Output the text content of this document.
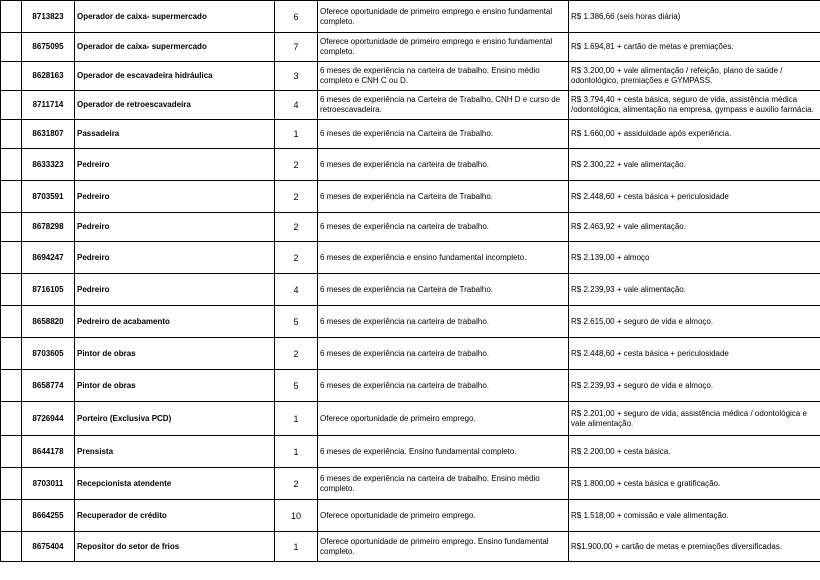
	8713823	Operador de caixa- supermercado	6	Oferece oportunidade de primeiro emprego e ensino fundamental completo.	R$ 1.386,66 (seis horas diária)
	8675095	Operador de caixa- supermercado	7	Oferece oportunidade de primeiro emprego e ensino fundamental completo.	R$ 1.694,81 + cartão de metas e premiações.
	8628163	Operador de escavadeira hidráulica	3	6 meses de experiência na carteira de trabalho. Ensino médio completo e CNH C ou D.	R$ 3.200,00 + vale alimentação / refeição, plano de saúde / odontológico, premiações e GYMPASS.
	8711714	Operador de retroescavadeira	4	6 meses de experiência na Carteira de Trabalho, CNH D e curso de retroescavadeira.	R$ 3.794,40 + cesta básica, seguro de vida, assistência médica /odontológica, alimentação na empresa, gympass e auxilio farmácia.
	8631807	Passadeira	1	6 meses de experiência na Carteira de Trabalho.	R$ 1.660,00 + assiduidade após experiência.
	8633323	Pedreiro	2	6 meses de experiência na carteira de trabalho.	R$ 2.300,22 + vale alimentação.
	8703591	Pedreiro	2	6 meses de experiência na Carteira de Trabalho.	R$ 2.448,60 + cesta básica + periculosidade
	8678298	Pedreiro	2	6 meses de experiência na carteira de trabalho.	R$ 2.463,92 + vale alimentação.
	8694247	Pedreiro	2	6 meses de experiência e ensino fundamental incompleto.	R$ 2.139,00 + almoço
	8716105	Pedreiro	4	6 meses de experiência na Carteira de Trabalho.	R$ 2.239,93 + vale alimentação.
	8658820	Pedreiro de acabamento	5	6 meses de experiência na carteira de trabalho.	R$ 2.615,00 + seguro de vida e almoço.
	8703605	Pintor de obras	2	6 meses de experiência na carteira de trabalho.	R$ 2.448,60 + cesta básica + periculosidade
	8658774	Pintor de obras	5	6 meses de experiência na carteira de trabalho.	R$ 2.239,93 + seguro de vida e almoço.
	8726944	Porteiro (Exclusiva PCD)	1	Oferece oportunidade de primeiro emprego.	R$ 2.201,00 + seguro de vida, assistência médica / odontológica e vale alimentação.
	8644178	Prensista	1	6 meses de experiência. Ensino fundamental completo.	R$ 2.200,00 + cesta básica.
	8703011	Recepcionista atendente	2	6 meses de experiência na carteira de trabalho. Ensino médio completo.	R$ 1.800,00 + cesta básica e gratificação.
	8664255	Recuperador de crédito	10	Oferece oportunidade de primeiro emprego.	R$ 1.518,00 + comissão e vale alimentação.
	8675404	Repositor do setor de frios	1	Oferece oportunidade de primeiro emprego. Ensino fundamental completo.	R$1.900,00 + cartão de metas e premiações diversificadas.
